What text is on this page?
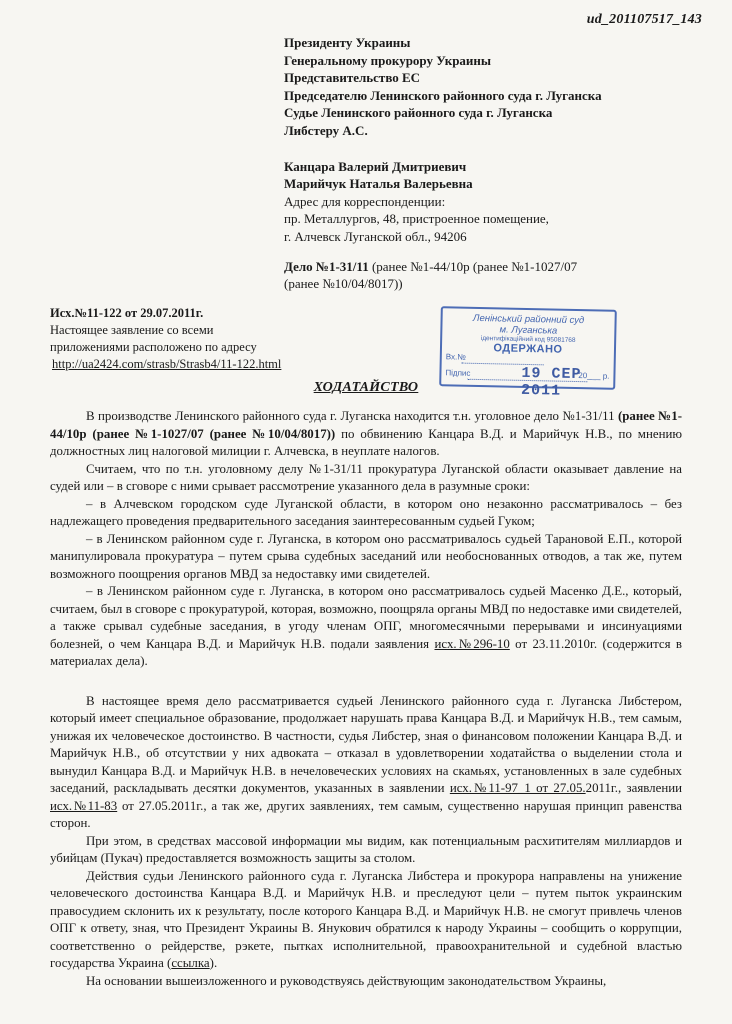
ud_201107517_143
Президенту Украины
Генеральному прокурору Украины
Представительство ЕС
Председателю Ленинского районного суда г. Луганска
Судье Ленинского районного суда г. Луганска
Либстеру А.С.
Канцара Валерий Дмитриевич
Марийчук Наталья Валерьевна
Адрес для корреспонденции:
пр. Металлургов, 48, пристроенное помещение,
г. Алчевск Луганской обл., 94206
Дело №1-31/11 (ранее №1-44/10р (ранее №1-1027/07
(ранее №10/04/8017))
Исх.№11-122 от 29.07.2011г.
Настоящее заявление со всеми
приложениями расположено по адресу
http://ua2424.com/strasb/Strasb4/11-122.html
Ленінський районний суд
м. Луганська
ідентифікаційний код 95081768
ОДЕРЖАНО
Вх.№
Підпис	19 СЕР 2011
20___ р.
ХОДАТАЙСТВО

В производстве Ленинского районного суда г. Луганска находится т.н. уголовное дело №1-31/11 (ранее №1-44/10р (ранее №1-1027/07 (ранее №10/04/8017)) по обвинению Канцара В.Д. и Марийчук Н.В., по мнению должностных лиц налоговой милиции г. Алчевска, в неуплате налогов.

Считаем, что по т.н. уголовному делу №1-31/11 прокуратура Луганской области оказывает давление на судей или – в сговоре с ними срывает рассмотрение указанного дела в разумные сроки:

– в Алчевском городском суде Луганской области, в котором оно незаконно рассматривалось – без надлежащего проведения предварительного заседания заинтересованным судьей Гуком;

– в Ленинском районном суде г. Луганска, в котором оно рассматривалось судьей Тарановой Е.П., которой манипулировала прокуратура – путем срыва судебных заседаний или необоснованных отводов, а так же, путем возможного поощрения органов МВД за недоставку ими свидетелей.

– в Ленинском районном суде г. Луганска, в котором оно рассматривалось судьей Масенко Д.Е., который, считаем, был в сговоре с прокуратурой, которая, возможно, поощряла органы МВД по недоставке ими свидетелей, а также срывал судебные заседания, в угоду членам ОПГ, многомесячными перерывами и инсинуациями болезней, о чем Канцара В.Д. и Марийчук Н.В. подали заявления исх.№296-10 от 23.11.2010г. (содержится в материалах дела).

В настоящее время дело рассматривается судьей Ленинского районного суда г. Луганска Либстером, который имеет специальное образование, продолжает нарушать права Канцара В.Д. и Марийчук Н.В., тем самым, унижая их человеческое достоинство. В частности, судья Либстер, зная о финансовом положении Канцара В.Д. и Марийчук Н.В., об отсутствии у них адвоката – отказал в удовлетворении ходатайства о выделении стола и вынудил Канцара В.Д. и Марийчук Н.В. в нечеловеческих условиях на скамьях, установленных в зале судебных заседаний, раскладывать десятки документов, указанных в заявлении исх.№11-97_1 от 27.05.2011г., заявлении исх.№11-83 от 27.05.2011г., а так же, других заявлениях, тем самым, существенно нарушая принцип равенства сторон.

При этом, в средствах массовой информации мы видим, как потенциальным расхитителям миллиардов и убийцам (Пукач) предоставляется возможность защиты за столом.

Действия судьи Ленинского районного суда г. Луганска Либстера и прокурора направлены на унижение человеческого достоинства Канцара В.Д. и Марийчук Н.В. и преследуют цели – путем пыток украинским правосудием склонить их к результату, после которого Канцара В.Д. и Марийчук Н.В. не смогут привлечь членов ОПГ к ответу, зная, что Президент Украины В. Янукович обратился к народу Украины – сообщить о коррупции, соответственно о рейдерстве, рэкете, пытках исполнительной, правоохранительной и судебной властью государства Украина (ссылка).

На основании вышеизложенного и руководствуясь действующим законодательством Украины,
